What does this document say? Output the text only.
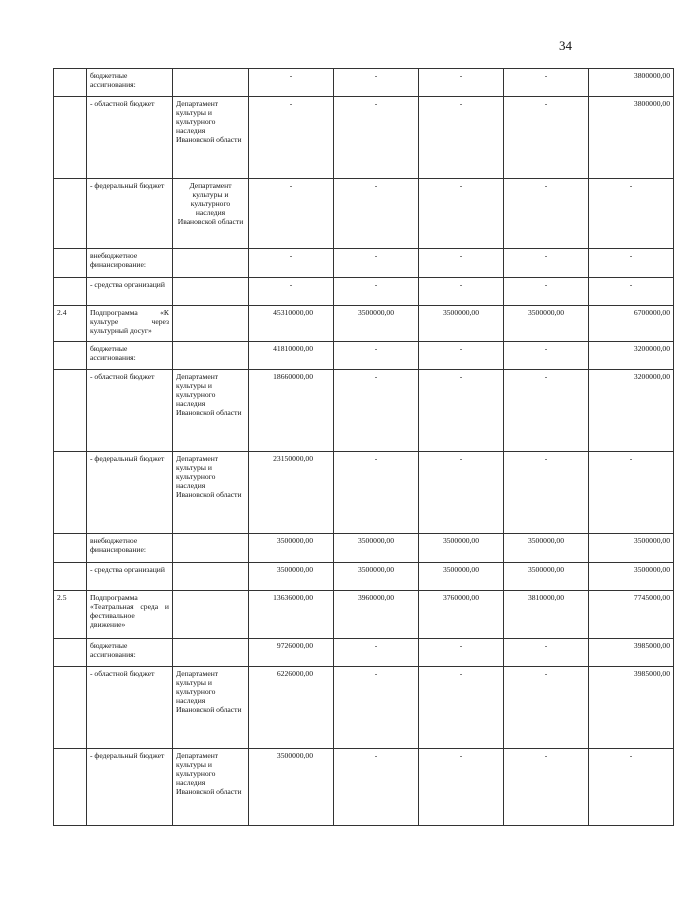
34
	бюджетные ассигнования:		-	-	-	-	3800000,00
	- областной бюджет	Департамент культуры и культурного наследия Ивановской области	-	-	-	-	3800000,00
	- федеральный бюджет	Департамент культуры и культурного наследия Ивановской области	-	-	-	-	-
	внебюджетное финансирование:		-	-	-	-	-
	- средства организаций		-	-	-	-	-
2.4	Подпрограмма «К культуре через культурный досуг»		45310000,00	3500000,00	3500000,00	3500000,00	6700000,00
	бюджетные ассигнования:		41810000,00	-	-	-	3200000,00
	- областной бюджет	Департамент культуры и культурного наследия Ивановской области	18660000,00	-	-	-	3200000,00
	- федеральный бюджет	Департамент культуры и культурного наследия Ивановской области	23150000,00	-	-	-	-
	внебюджетное финансирование:		3500000,00	3500000,00	3500000,00	3500000,00	3500000,00
	- средства организаций		3500000,00	3500000,00	3500000,00	3500000,00	3500000,00
2.5	Подпрограмма «Театральная среда и фестивальное движение»		13636000,00	3960000,00	3760000,00	3810000,00	7745000,00
	бюджетные ассигнования:		9726000,00	-	-	-	3985000,00
	- областной бюджет	Департамент культуры и культурного наследия Ивановской области	6226000,00	-	-	-	3985000,00
	- федеральный бюджет	Департамент культуры и культурного наследия Ивановской области	3500000,00	-	-	-	-
